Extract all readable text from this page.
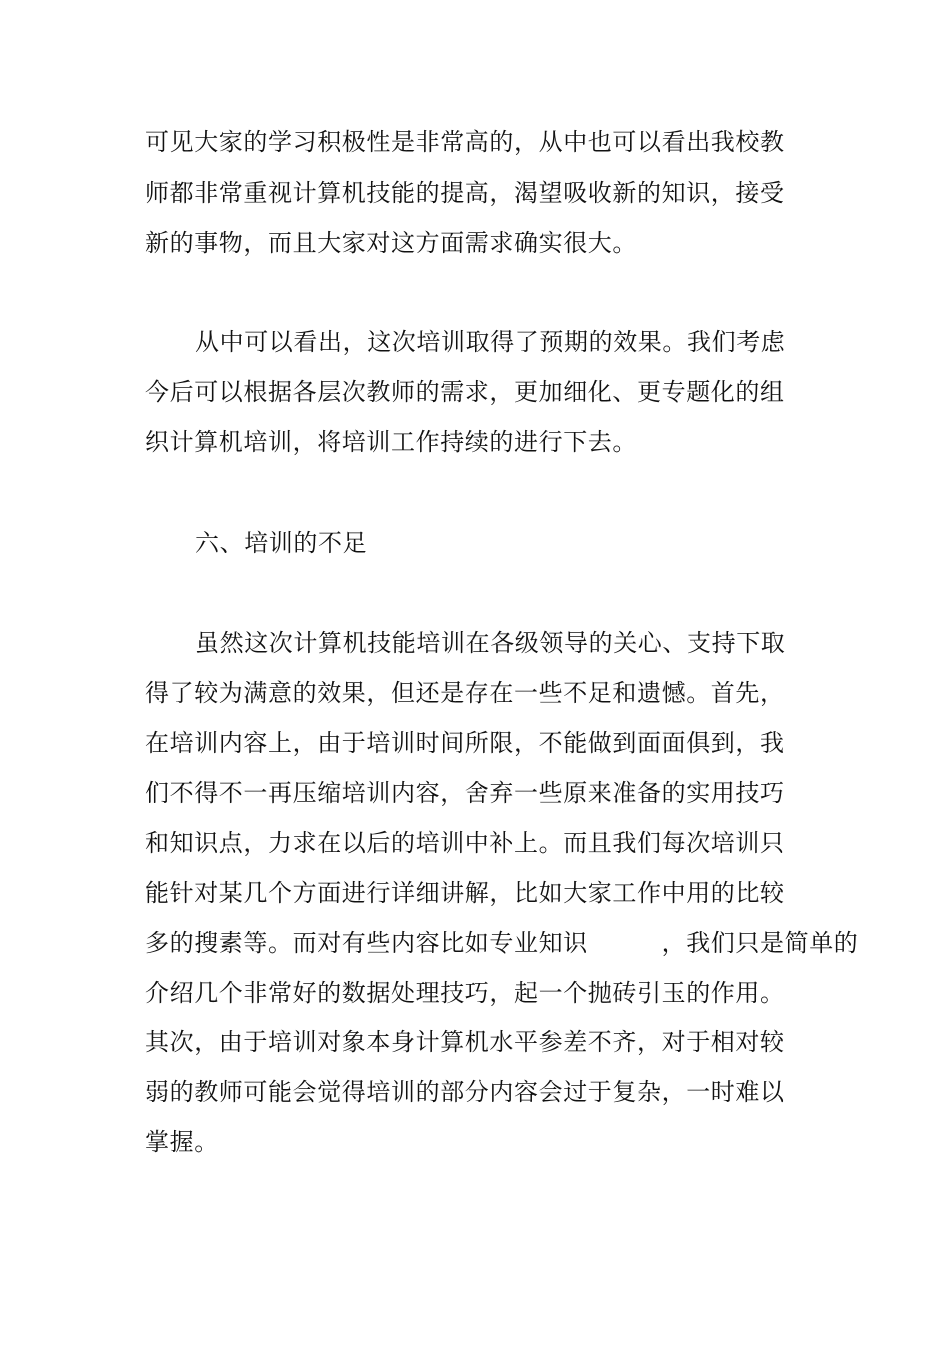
可见大家的学习积极性是非常高的，从中也可以看出我校教
师都非常重视计算机技能的提高，渴望吸收新的知识，接受
新的事物，而且大家对这方面需求确实很大。
从中可以看出，这次培训取得了预期的效果。我们考虑
今后可以根据各层次教师的需求，更加细化、更专题化的组
织计算机培训，将培训工作持续的进行下去。
六、培训的不足
虽然这次计算机技能培训在各级领导的关心、支持下取
得了较为满意的效果，但还是存在一些不足和遗憾。首先，
在培训内容上，由于培训时间所限，不能做到面面俱到，我
们不得不一再压缩培训内容，舍弃一些原来准备的实用技巧
和知识点，力求在以后的培训中补上。而且我们每次培训只
能针对某几个方面进行详细讲解，比如大家工作中用的比较
多的搜素等。而对有些内容比如专业知识　　　，我们只是简单的
介绍几个非常好的数据处理技巧，起一个抛砖引玉的作用。
其次，由于培训对象本身计算机水平参差不齐，对于相对较
弱的教师可能会觉得培训的部分内容会过于复杂，一时难以
掌握。
